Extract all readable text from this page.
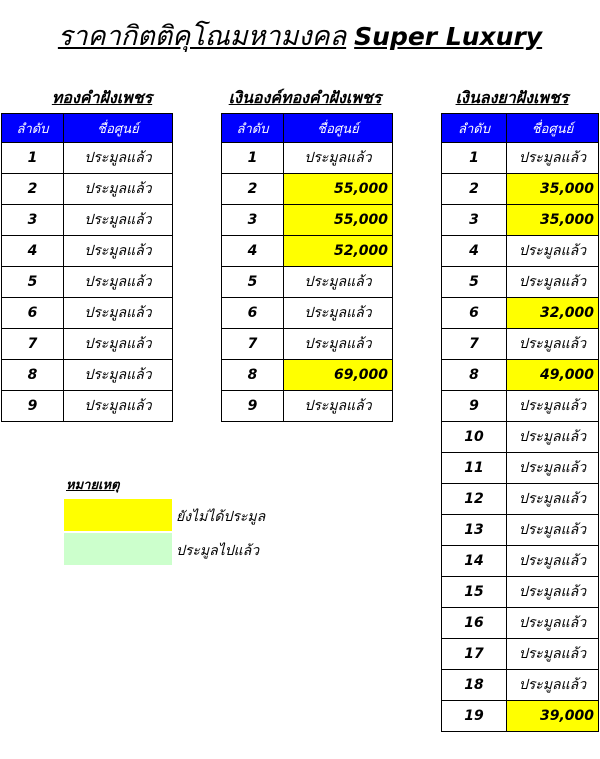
ราคากิตติคุโณมหามงคล Super Luxury
ทองคำฝังเพชร	เงินองค์ทองคำฝังเพชร	เงินลงยาฝังเพชร
ลำดับ	ชื่อศูนย์
1	ประมูลแล้ว
2	ประมูลแล้ว
3	ประมูลแล้ว
4	ประมูลแล้ว
5	ประมูลแล้ว
6	ประมูลแล้ว
7	ประมูลแล้ว
8	ประมูลแล้ว
9	ประมูลแล้ว
ลำดับ	ชื่อศูนย์
1	ประมูลแล้ว
2	55,000
3	55,000
4	52,000
5	ประมูลแล้ว
6	ประมูลแล้ว
7	ประมูลแล้ว
8	69,000
9	ประมูลแล้ว
ลำดับ	ชื่อศูนย์
1	ประมูลแล้ว
2	35,000
3	35,000
4	ประมูลแล้ว
5	ประมูลแล้ว
6	32,000
7	ประมูลแล้ว
8	49,000
9	ประมูลแล้ว
10	ประมูลแล้ว
11	ประมูลแล้ว
12	ประมูลแล้ว
13	ประมูลแล้ว
14	ประมูลแล้ว
15	ประมูลแล้ว
16	ประมูลแล้ว
17	ประมูลแล้ว
18	ประมูลแล้ว
19	39,000
หมายเหตุ
ยังไม่ได้ประมูล
ประมูลไปแล้ว
